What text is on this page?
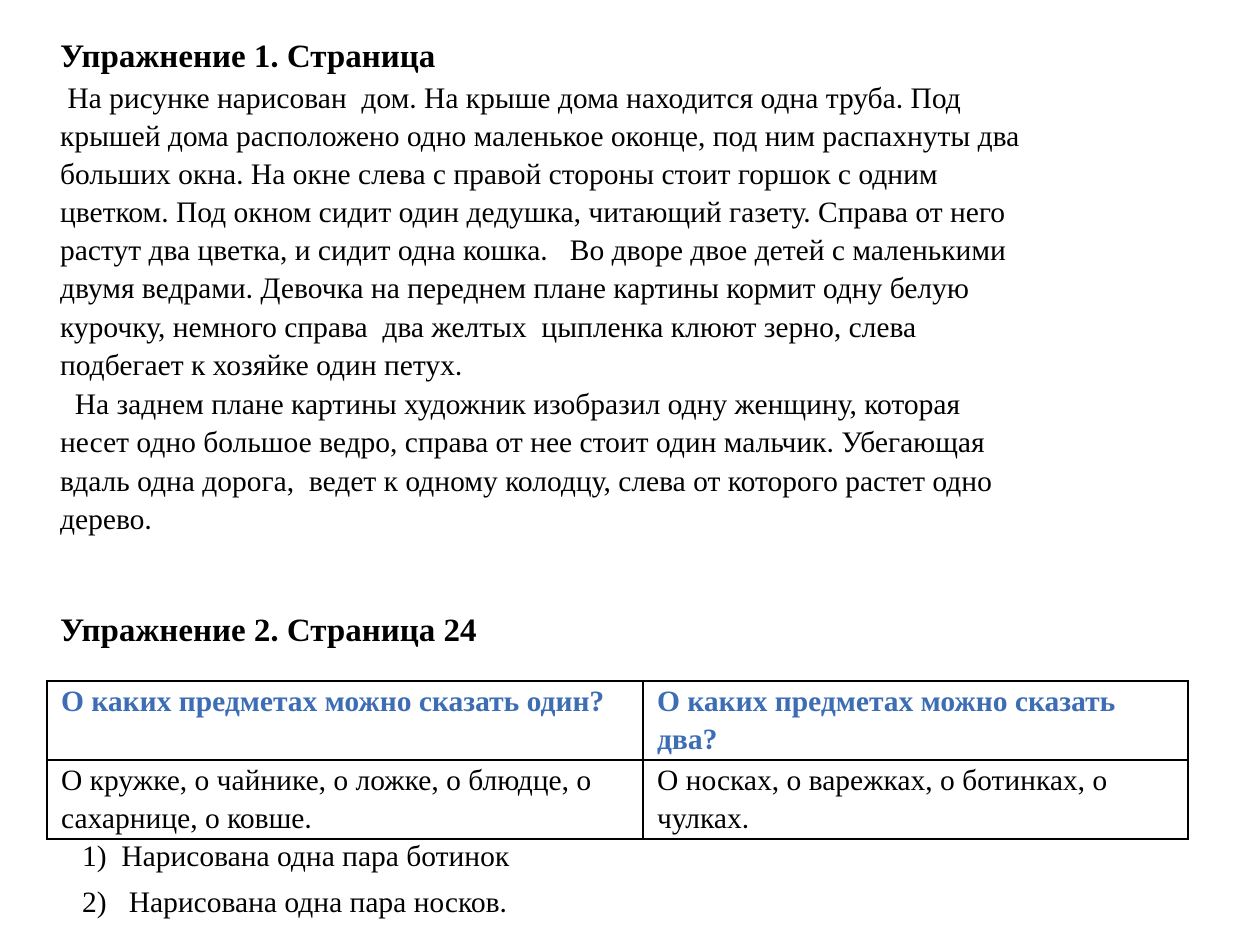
Упражнение 1. Страница

На рисунке нарисован  дом. На крыше дома находится одна труба. Под

крышей дома расположено одно маленькое оконце, под ним распахнуты два

больших окна. На окне слева с правой стороны стоит горшок с одним

цветком. Под окном сидит один дедушка, читающий газету. Справа от него

растут два цветка, и сидит одна кошка.   Во дворе двое детей с маленькими

двумя ведрами. Девочка на переднем плане картины кормит одну белую

курочку, немного справа  два желтых  цыпленка клюют зерно, слева

подбегает к хозяйке один петух.

На заднем плане картины художник изобразил одну женщину, которая

несет одно большое ведро, справа от нее стоит один мальчик. Убегающая

вдаль одна дорога,  ведет к одному колодцу, слева от которого растет одно

дерево.

Упражнение 2. Страница 24
О каких предметах можно сказать один?	О каких предметах можно сказать два?
О кружке, о чайнике, о ложке, о блюдце, о сахарнице, о ковше.	О носках, о варежках, о ботинках, о чулках.

1) Нарисована одна пара ботинок

2) Нарисована одна пара носков.
